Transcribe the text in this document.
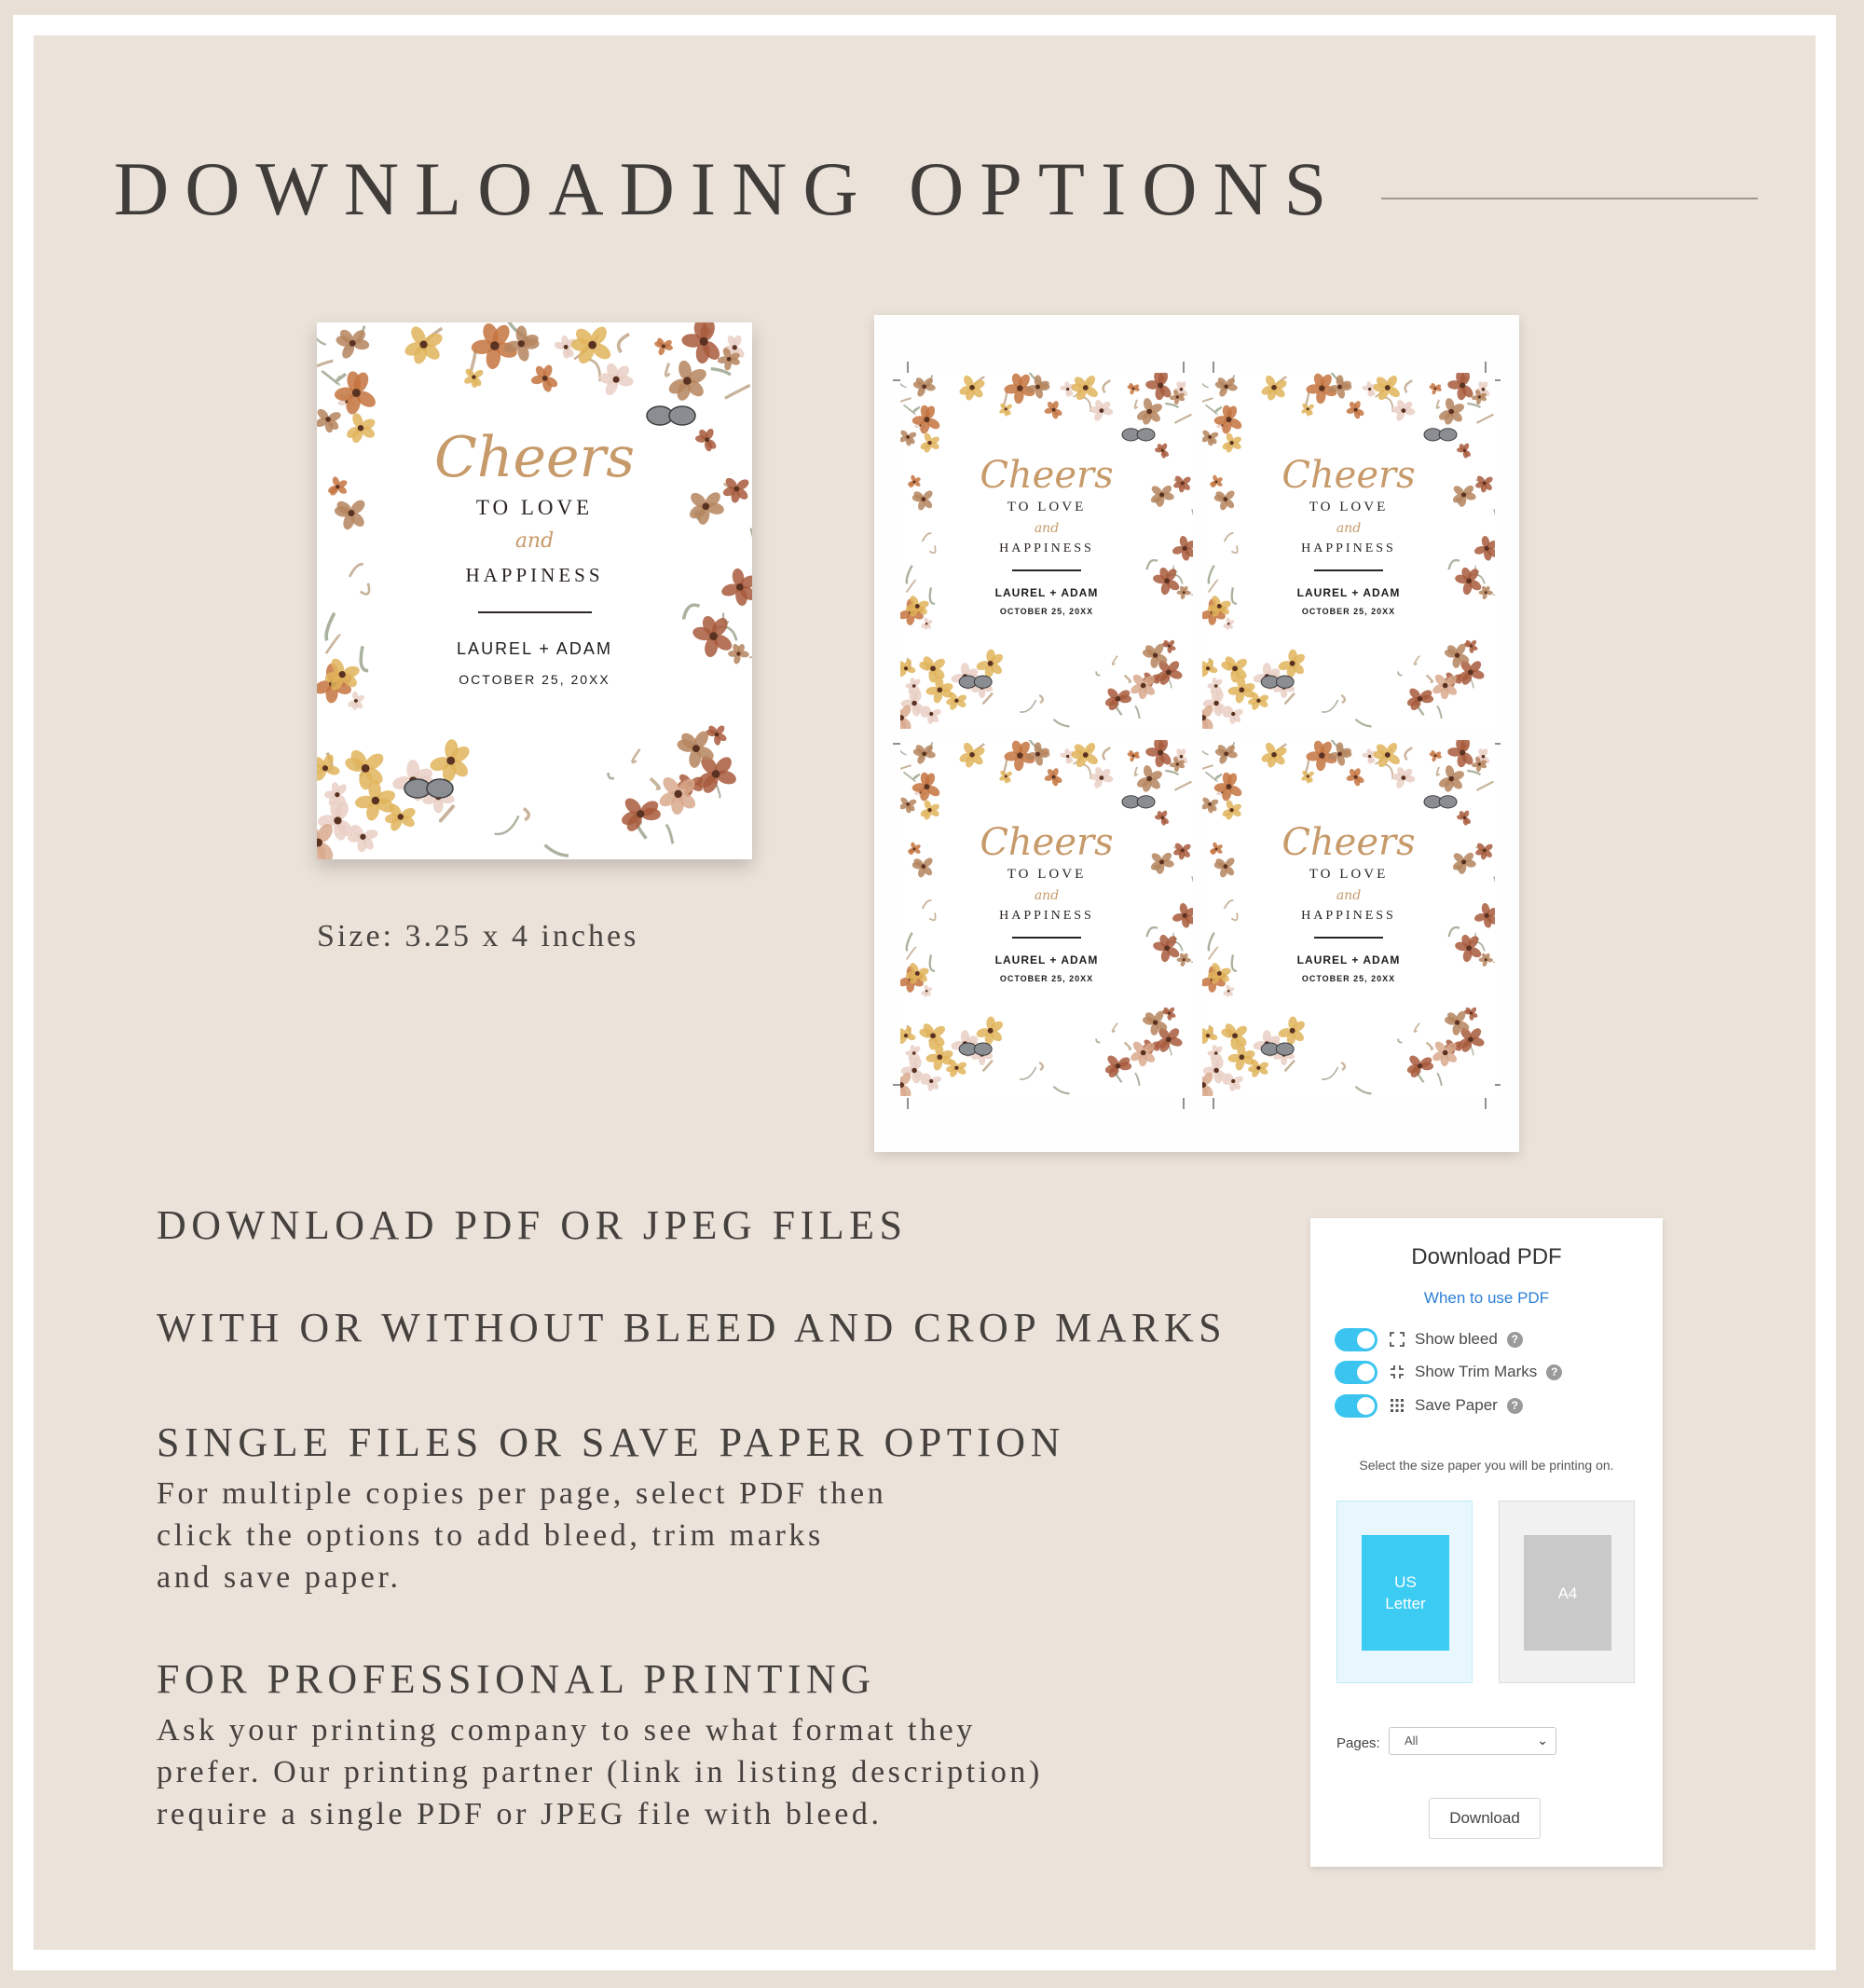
DOWNLOADING OPTIONS
Cheers
TO LOVE
and
HAPPINESS
LAUREL + ADAM
OCTOBER 25, 20XX
Size: 3.25 x 4 inches
Cheers
TO LOVE
and
HAPPINESS
LAUREL + ADAM
OCTOBER 25, 20XX
Cheers
TO LOVE
and
HAPPINESS
LAUREL + ADAM
OCTOBER 25, 20XX
Cheers
TO LOVE
and
HAPPINESS
LAUREL + ADAM
OCTOBER 25, 20XX
Cheers
TO LOVE
and
HAPPINESS
LAUREL + ADAM
OCTOBER 25, 20XX
DOWNLOAD PDF OR JPEG FILES
WITH OR WITHOUT BLEED AND CROP MARKS
SINGLE FILES OR SAVE PAPER OPTION
For multiple copies per page, select PDF then
click the options to add bleed, trim marks
and save paper.
FOR PROFESSIONAL PRINTING
Ask your printing company to see what format they
prefer. Our printing partner (link in listing description)
require a single PDF or JPEG file with bleed.
Download PDF
When to use PDF
Show bleed	?
Show Trim Marks	?
Save Paper	?
Select the size paper you will be printing on.
US
Letter
A4
Pages:	All	⌄
Download
